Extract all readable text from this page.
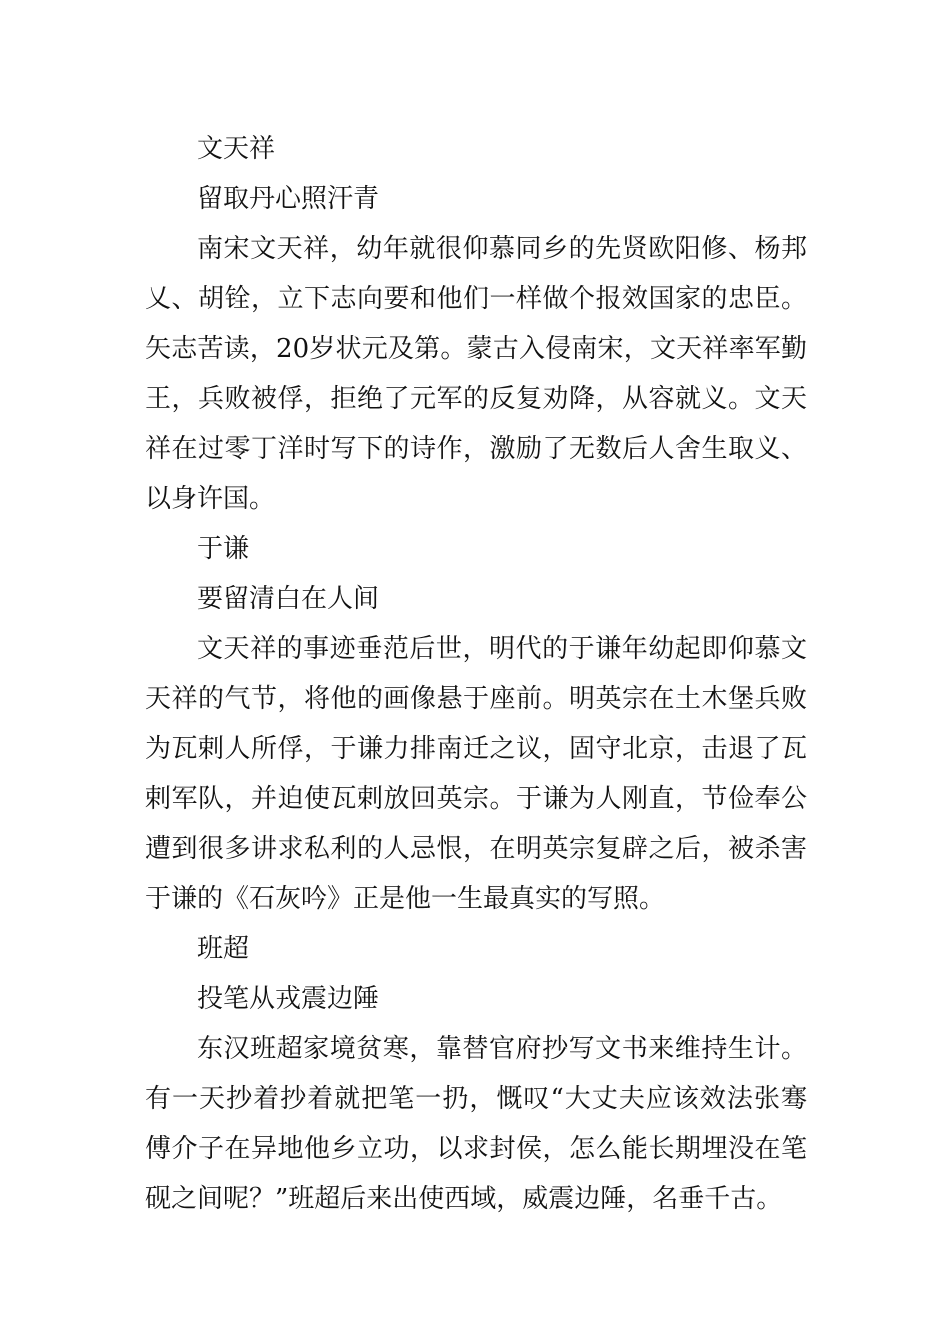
文天祥

留取丹心照汗青

南宋文天祥，幼年就很仰慕同乡的先贤欧阳修、杨邦乂、胡铨，立下志向要和他们一样做个报效国家的忠臣。矢志苦读，20岁状元及第。蒙古入侵南宋，文天祥率军勤王，兵败被俘，拒绝了元军的反复劝降，从容就义。文天祥在过零丁洋时写下的诗作，激励了无数后人舍生取义、以身许国。

于谦

要留清白在人间

文天祥的事迹垂范后世，明代的于谦年幼起即仰慕文天祥的气节，将他的画像悬于座前。明英宗在土木堡兵败为瓦剌人所俘，于谦力排南迁之议，固守北京，击退了瓦剌军队，并迫使瓦剌放回英宗。于谦为人刚直，节俭奉公遭到很多讲求私利的人忌恨，在明英宗复辟之后，被杀害于谦的《石灰吟》正是他一生最真实的写照。

班超

投笔从戎震边陲

东汉班超家境贫寒，靠替官府抄写文书来维持生计。有一天抄着抄着就把笔一扔，慨叹“大丈夫应该效法张骞傅介子在异地他乡立功，以求封侯，怎么能长期埋没在笔砚之间呢？”班超后来出使西域，威震边陲，名垂千古。
